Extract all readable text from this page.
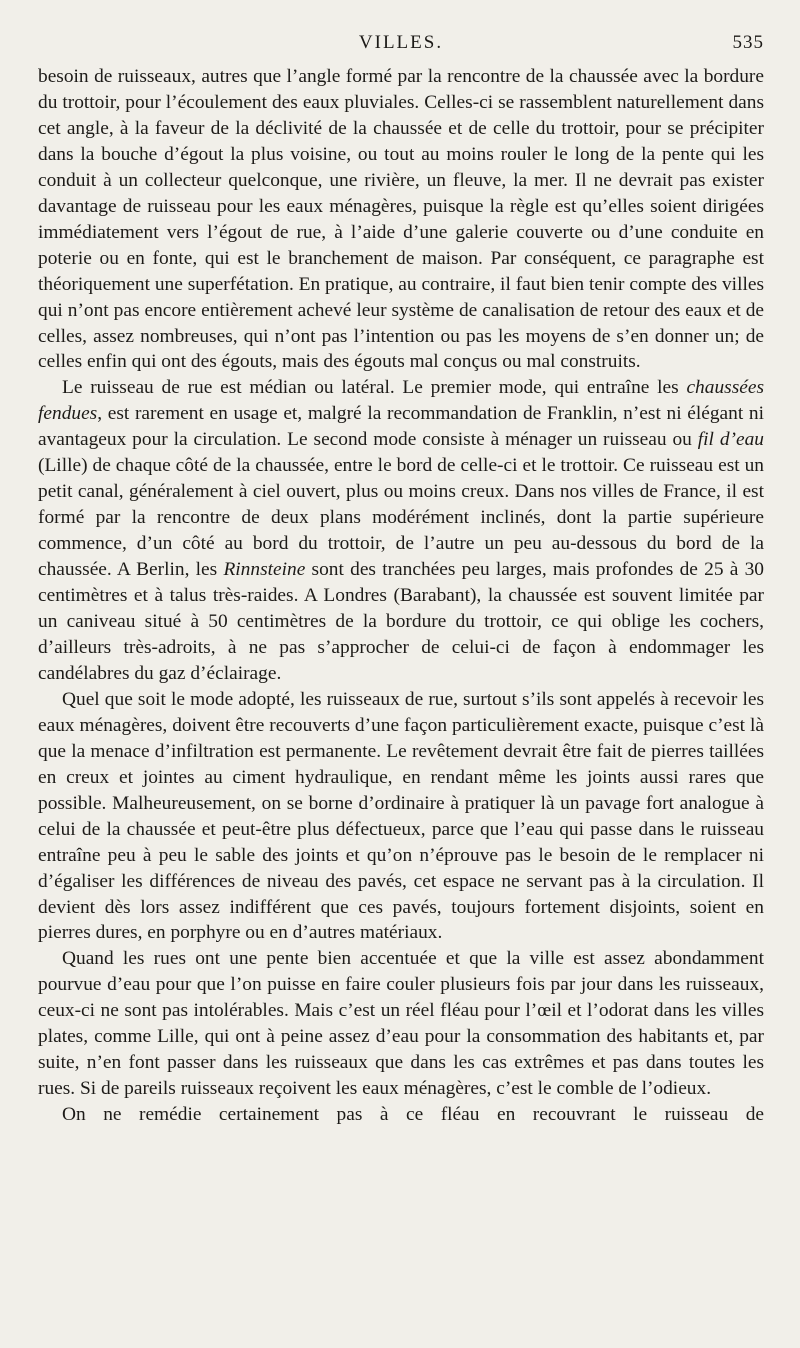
VILLES.	535

besoin de ruisseaux, autres que l’angle formé par la rencontre de la chaussée avec la bordure du trottoir, pour l’écoulement des eaux pluviales. Celles-ci se rassemblent naturellement dans cet angle, à la faveur de la déclivité de la chaussée et de celle du trottoir, pour se précipiter dans la bouche d’égout la plus voisine, ou tout au moins rouler le long de la pente qui les conduit à un collecteur quelconque, une rivière, un fleuve, la mer. Il ne devrait pas exister davantage de ruisseau pour les eaux ménagères, puisque la règle est qu’elles soient dirigées immédiatement vers l’égout de rue, à l’aide d’une galerie couverte ou d’une conduite en poterie ou en fonte, qui est le branchement de maison. Par conséquent, ce paragraphe est théoriquement une superfétation. En pratique, au contraire, il faut bien tenir compte des villes qui n’ont pas encore entièrement achevé leur système de canalisation de retour des eaux et de celles, assez nombreuses, qui n’ont pas l’intention ou pas les moyens de s’en donner un; de celles enfin qui ont des égouts, mais des égouts mal conçus ou mal construits.

Le ruisseau de rue est médian ou latéral. Le premier mode, qui entraîne les chaussées fendues, est rarement en usage et, malgré la recommandation de Franklin, n’est ni élégant ni avantageux pour la circulation. Le second mode consiste à ménager un ruisseau ou fil d’eau (Lille) de chaque côté de la chaussée, entre le bord de celle-ci et le trottoir. Ce ruisseau est un petit canal, généralement à ciel ouvert, plus ou moins creux. Dans nos villes de France, il est formé par la rencontre de deux plans modérément inclinés, dont la partie supérieure commence, d’un côté au bord du trottoir, de l’autre un peu au-dessous du bord de la chaussée. A Berlin, les Rinnsteine sont des tranchées peu larges, mais profondes de 25 à 30 centimètres et à talus très-raides. A Londres (Barabant), la chaussée est souvent limitée par un caniveau situé à 50 centimètres de la bordure du trottoir, ce qui oblige les cochers, d’ailleurs très-adroits, à ne pas s’approcher de celui-ci de façon à endommager les candélabres du gaz d’éclairage.

Quel que soit le mode adopté, les ruisseaux de rue, surtout s’ils sont appelés à recevoir les eaux ménagères, doivent être recouverts d’une façon particulièrement exacte, puisque c’est là que la menace d’infiltration est permanente. Le revêtement devrait être fait de pierres taillées en creux et jointes au ciment hydraulique, en rendant même les joints aussi rares que possible. Malheureusement, on se borne d’ordinaire à pratiquer là un pavage fort analogue à celui de la chaussée et peut-être plus défectueux, parce que l’eau qui passe dans le ruisseau entraîne peu à peu le sable des joints et qu’on n’éprouve pas le besoin de le remplacer ni d’égaliser les différences de niveau des pavés, cet espace ne servant pas à la circulation. Il devient dès lors assez indifférent que ces pavés, toujours fortement disjoints, soient en pierres dures, en porphyre ou en d’autres matériaux.

Quand les rues ont une pente bien accentuée et que la ville est assez abondamment pourvue d’eau pour que l’on puisse en faire couler plusieurs fois par jour dans les ruisseaux, ceux-ci ne sont pas intolérables. Mais c’est un réel fléau pour l’œil et l’odorat dans les villes plates, comme Lille, qui ont à peine assez d’eau pour la consommation des habitants et, par suite, n’en font passer dans les ruisseaux que dans les cas extrêmes et pas dans toutes les rues. Si de pareils ruisseaux reçoivent les eaux ménagères, c’est le comble de l’odieux.

On ne remédie certainement pas à ce fléau en recouvrant le ruisseau de
